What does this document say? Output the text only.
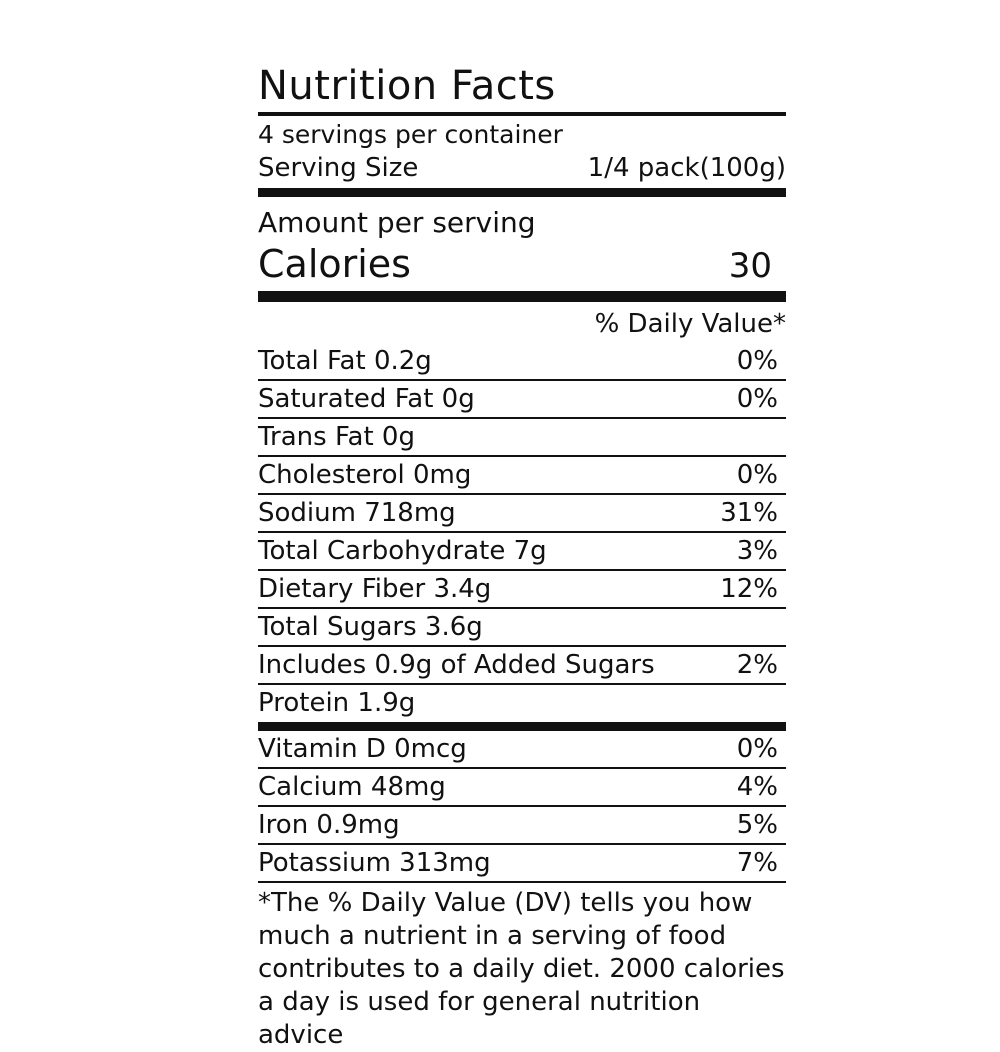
Nutrition Facts
4 servings per container
Serving Size	1/4 pack(100g)
Amount per serving
Calories	30
% Daily Value*
Total Fat 0.2g	0%
Saturated Fat 0g	0%
Trans Fat 0g
Cholesterol 0mg	0%
Sodium 718mg	31%
Total Carbohydrate 7g	3%
Dietary Fiber 3.4g	12%
Total Sugars 3.6g
Includes 0.9g of Added Sugars	2%
Protein 1.9g
Vitamin D 0mcg	0%
Calcium 48mg	4%
Iron 0.9mg	5%
Potassium 313mg	7%
*The % Daily Value (DV) tells you how
much a nutrient in a serving of food
contributes to a daily diet. 2000 calories
a day is used for general nutrition advice
